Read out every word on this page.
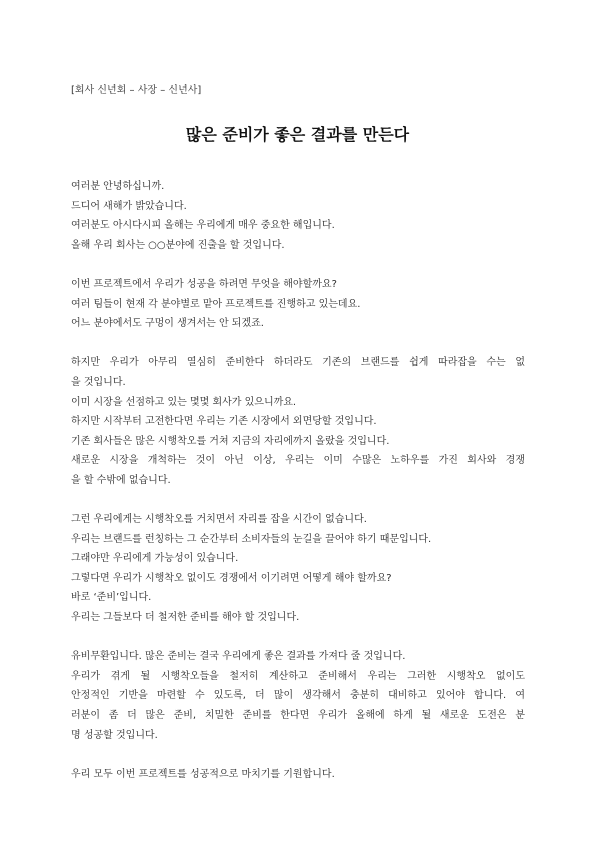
[회사 신년회 – 사장 – 신년사]
많은 준비가 좋은 결과를 만든다
여러분 안녕하십니까.
드디어 새해가 밝았습니다.
여러분도 아시다시피 올해는 우리에게 매우 중요한 해입니다.
올해 우리 회사는 ○○분야에 진출을 할 것입니다.
이번 프로젝트에서 우리가 성공을 하려면 무엇을 해야할까요?
여러 팀들이 현재 각 분야별로 맡아 프로젝트를 진행하고 있는데요.
어느 분야에서도 구멍이 생겨서는 안 되겠죠.
하지만 우리가 아무리 열심히 준비한다 하더라도 기존의 브랜드를 쉽게 따라잡을 수는 없
을 것입니다.
이미 시장을 선점하고 있는 몇몇 회사가 있으니까요.
하지만 시작부터 고전한다면 우리는 기존 시장에서 외면당할 것입니다.
기존 회사들은 많은 시행착오를 거쳐 지금의 자리에까지 올랐을 것입니다.
새로운 시장을 개척하는 것이 아닌 이상, 우리는 이미 수많은 노하우를 가진 회사와 경쟁
을 할 수밖에 없습니다.
그런 우리에게는 시행착오를 거치면서 자리를 잡을 시간이 없습니다.
우리는 브랜드를 런칭하는 그 순간부터 소비자들의 눈길을 끌어야 하기 때문입니다.
그래야만 우리에게 가능성이 있습니다.
그렇다면 우리가 시행착오 없이도 경쟁에서 이기려면 어떻게 해야 할까요?
바로 ‘준비’입니다.
우리는 그들보다 더 철저한 준비를 해야 할 것입니다.
유비무환입니다. 많은 준비는 결국 우리에게 좋은 결과를 가져다 줄 것입니다.
우리가 겪게 될 시행착오들을 철저히 계산하고 준비해서 우리는 그러한 시행착오 없이도
안정적인 기반을 마련할 수 있도록, 더 많이 생각해서 충분히 대비하고 있어야 합니다. 여
러분이 좀 더 많은 준비, 치밀한 준비를 한다면 우리가 올해에 하게 될 새로운 도전은 분
명 성공할 것입니다.
우리 모두 이번 프로젝트를 성공적으로 마치기를 기원합니다.
